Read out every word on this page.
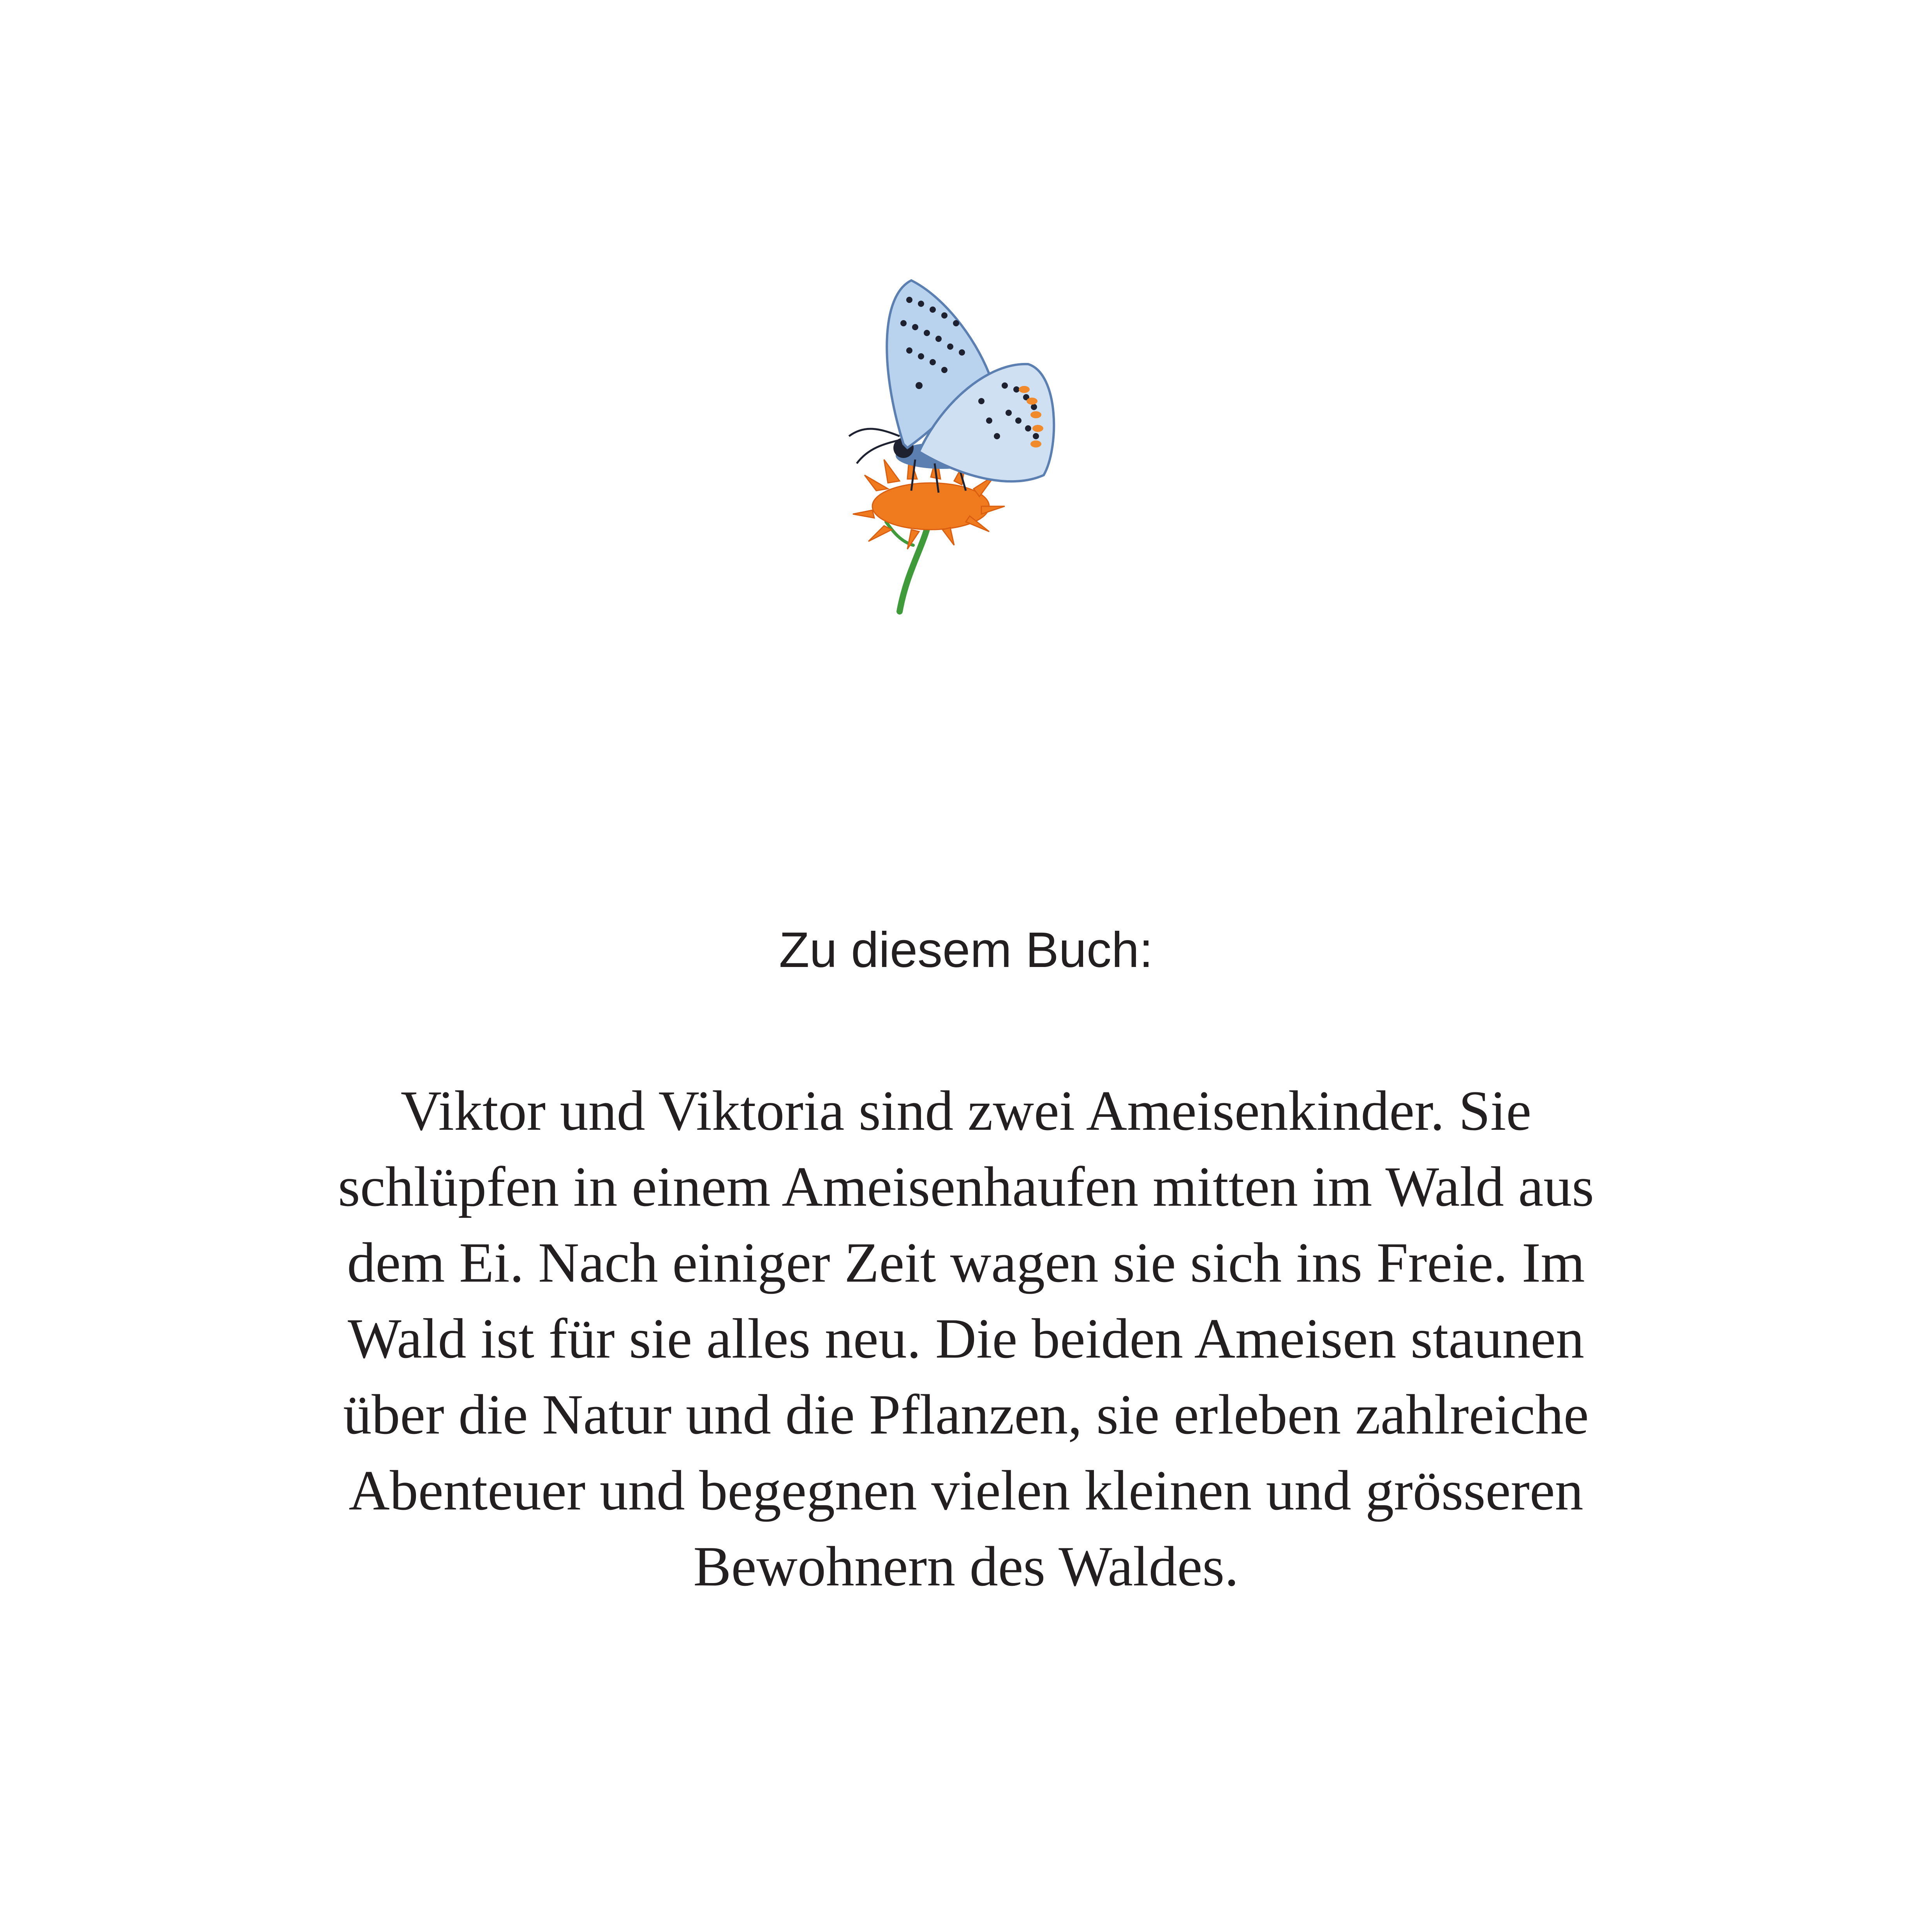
Zu diesem Buch:
Viktor und Viktoria sind zwei Ameisenkinder. Sie
schlüpfen in einem Ameisenhaufen mitten im Wald aus
dem Ei. Nach einiger Zeit wagen sie sich ins Freie. Im
Wald ist für sie alles neu. Die beiden Ameisen staunen
über die Natur und die Pflanzen, sie erleben zahlreiche
Abenteuer und begegnen vielen kleinen und grösseren
Bewohnern des Waldes.
